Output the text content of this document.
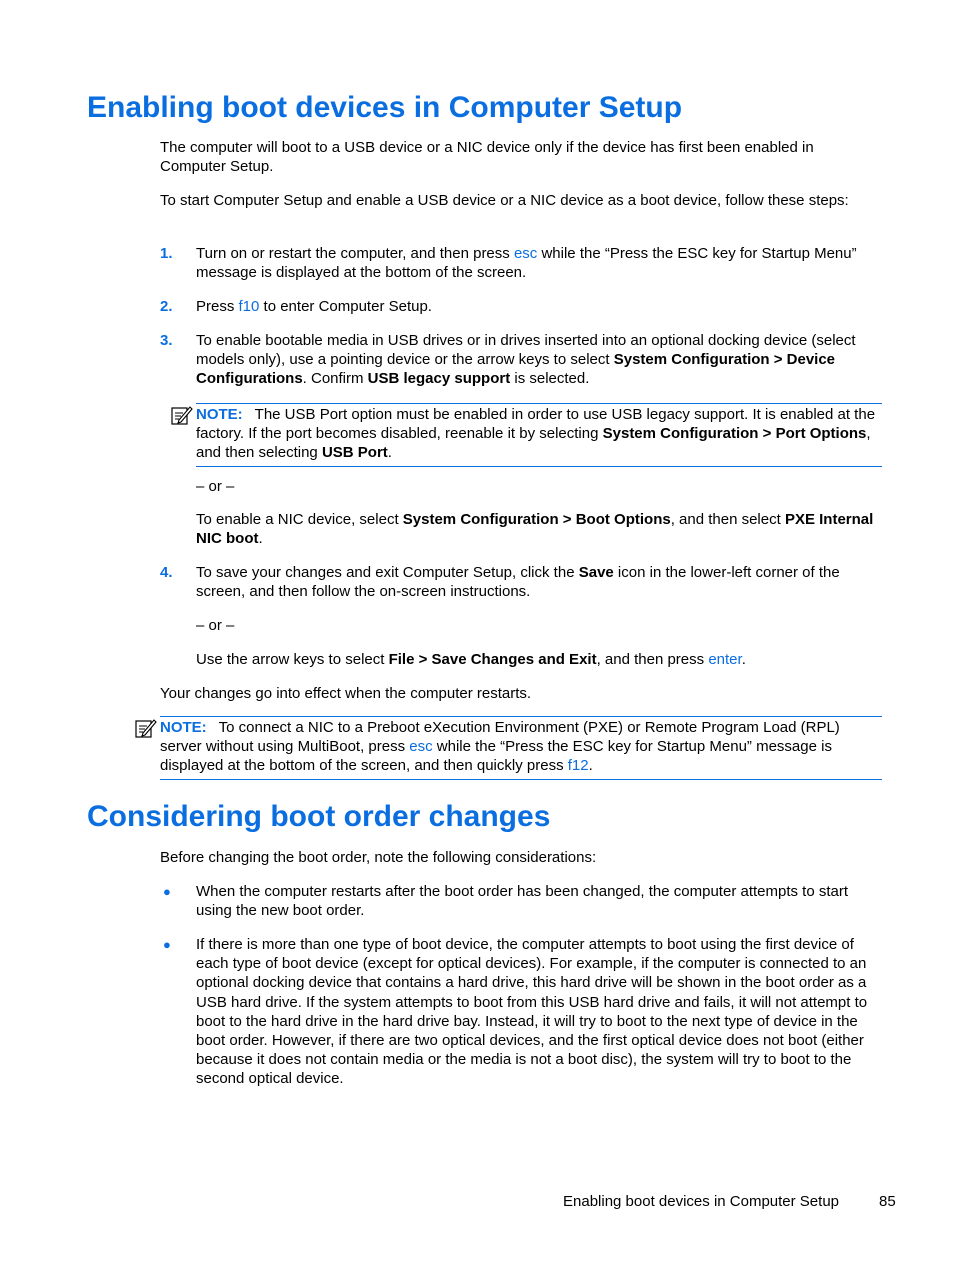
Enabling boot devices in Computer Setup

The computer will boot to a USB device or a NIC device only if the device has first been enabled in Computer Setup.

To start Computer Setup and enable a USB device or a NIC device as a boot device, follow these steps:

1. Turn on or restart the computer, and then press esc while the “Press the ESC key for Startup Menu” message is displayed at the bottom of the screen.

2. Press f10 to enter Computer Setup.

3. To enable bootable media in USB drives or in drives inserted into an optional docking device (select models only), use a pointing device or the arrow keys to select System Configuration > Device Configurations. Confirm USB legacy support is selected.

NOTE: The USB Port option must be enabled in order to use USB legacy support. It is enabled at the factory. If the port becomes disabled, reenable it by selecting System Configuration > Port Options, and then selecting USB Port.

– or –

To enable a NIC device, select System Configuration > Boot Options, and then select PXE Internal NIC boot.

4. To save your changes and exit Computer Setup, click the Save icon in the lower-left corner of the screen, and then follow the on-screen instructions.

– or –

Use the arrow keys to select File > Save Changes and Exit, and then press enter.

Your changes go into effect when the computer restarts.

NOTE: To connect a NIC to a Preboot eXecution Environment (PXE) or Remote Program Load (RPL) server without using MultiBoot, press esc while the “Press the ESC key for Startup Menu” message is displayed at the bottom of the screen, and then quickly press f12.
Considering boot order changes

Before changing the boot order, note the following considerations:

● When the computer restarts after the boot order has been changed, the computer attempts to start using the new boot order.

● If there is more than one type of boot device, the computer attempts to boot using the first device of each type of boot device (except for optical devices). For example, if the computer is connected to an optional docking device that contains a hard drive, this hard drive will be shown in the boot order as a USB hard drive. If the system attempts to boot from this USB hard drive and fails, it will not attempt to boot to the hard drive in the hard drive bay. Instead, it will try to boot to the next type of device in the boot order. However, if there are two optical devices, and the first optical device does not boot (either because it does not contain media or the media is not a boot disc), the system will try to boot to the second optical device.

Enabling boot devices in Computer Setup	85
